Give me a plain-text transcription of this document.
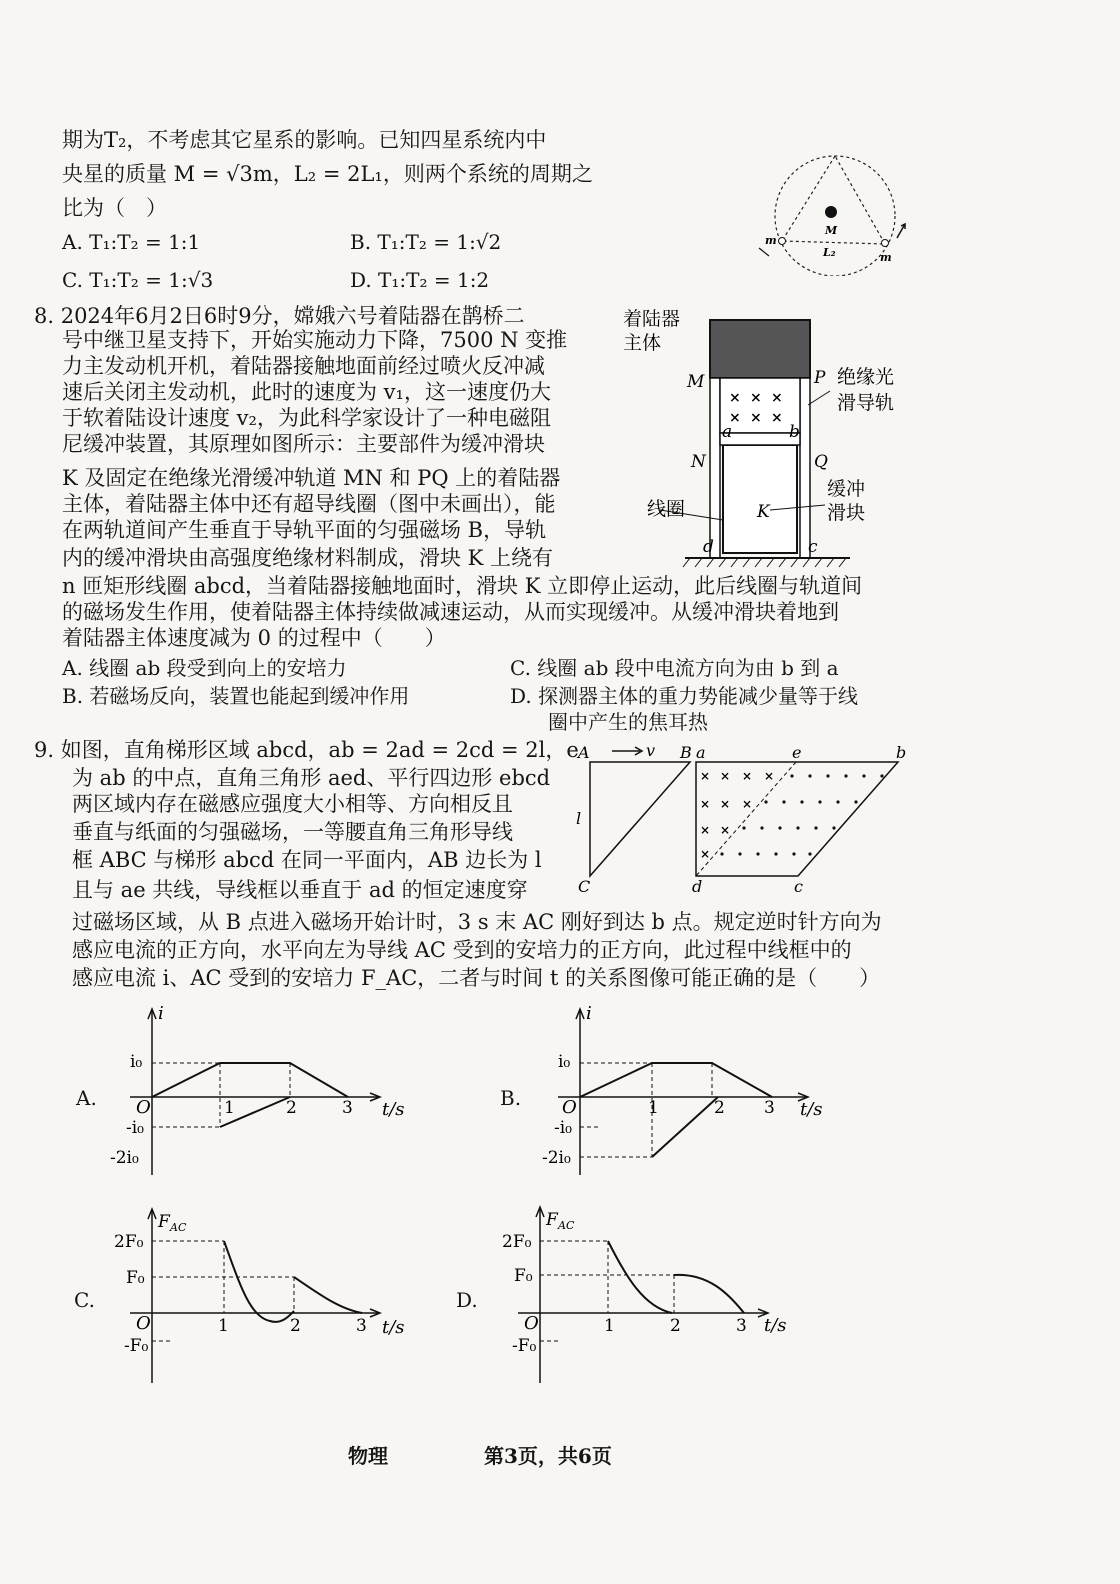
期为T₂，不考虑其它星系的影响。已知四星系统内中
央星的质量 M = √3m，L₂ = 2L₁，则两个系统的周期之
比为（　）
A. T₁:T₂ = 1:1	B. T₁:T₂ = 1:√2
C. T₁:T₂ = 1:√3	D. T₁:T₂ = 1:2
M
m
m
L₂
8. 2024年6月2日6时9分，嫦娥六号着陆器在鹊桥二
号中继卫星支持下，开始实施动力下降，7500 N 变推
力主发动机开机，着陆器接触地面前经过喷火反冲减
速后关闭主发动机，此时的速度为 v₁，这一速度仍大
于软着陆设计速度 v₂，为此科学家设计了一种电磁阻
尼缓冲装置，其原理如图所示：主要部件为缓冲滑块
K 及固定在绝缘光滑缓冲轨道 MN 和 PQ 上的着陆器
主体，着陆器主体中还有超导线圈（图中未画出），能
在两轨道间产生垂直于导轨平面的匀强磁场 B，导轨
内的缓冲滑块由高强度绝缘材料制成，滑块 K 上绕有
n 匝矩形线圈 abcd，当着陆器接触地面时，滑块 K 立即停止运动，此后线圈与轨道间
的磁场发生作用，使着陆器主体持续做减速运动，从而实现缓冲。从缓冲滑块着地到
着陆器主体速度减为 0 的过程中（　　）
A. 线圈 ab 段受到向上的安培力	C. 线圈 ab 段中电流方向为由 b 到 a
B. 若磁场反向，装置也能起到缓冲作用	D. 探测器主体的重力势能减少量等于线
圈中产生的焦耳热
× × ×
× × ×
着陆器
主体
绝缘光
滑导轨
线圈
缓冲
滑块
M	P
N	Q
a	b
c
d
K
9. 如图，直角梯形区域 abcd，ab = 2ad = 2cd = 2l，e
为 ab 的中点，直角三角形 aed、平行四边形 ebcd
两区域内存在磁感应强度大小相等、方向相反且
垂直与纸面的匀强磁场，一等腰直角三角形导线
框 ABC 与梯形 abcd 在同一平面内，AB 边长为 l
且与 ae 共线，导线框以垂直于 ad 的恒定速度穿
过磁场区域，从 B 点进入磁场开始计时，3 s 末 AC 刚好到达 b 点。规定逆时针方向为
感应电流的正方向，水平向左为导线 AC 受到的安培力的正方向，此过程中线框中的
感应电流 i、AC 受到的安培力 F_AC，二者与时间 t 的关系图像可能正确的是（　　）
× × × ×
× × ×
× ×
×
A	v B
C
l
a	e	b
c
d
A.
i
t/s
O	1	2	3
i₀
-i₀
-2i₀
B.
i
t/s
O	1	2 3
i₀
-i₀
-2i₀
C.
F AC
t/s
O	1	2	3
2F₀
F₀
-F₀
D.
F AC
t/s
O	1	2	3
2F₀
F₀
-F₀
物理	第3页，共6页
